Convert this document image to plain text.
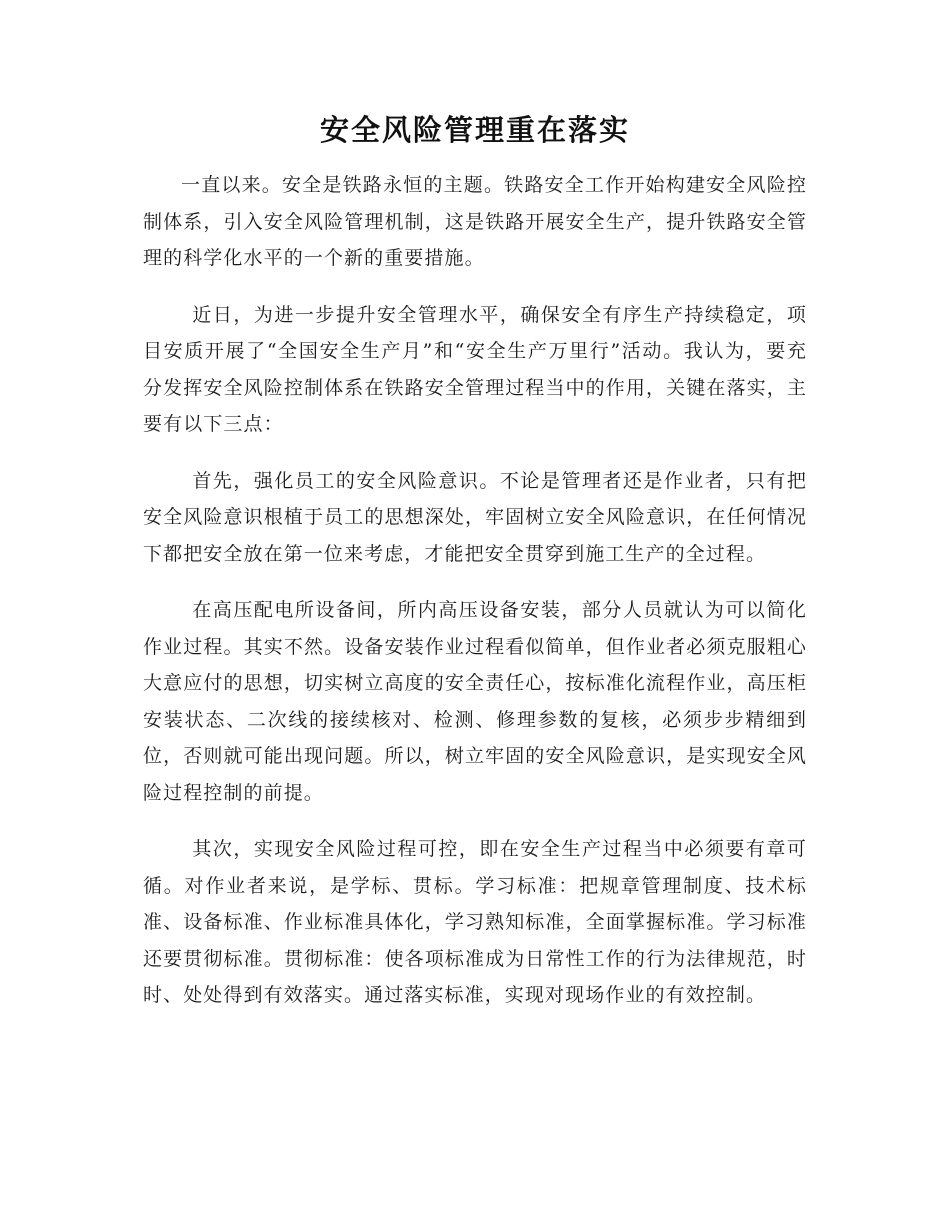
安全风险管理重在落实

一直以来。安全是铁路永恒的主题。铁路安全工作开始构建安全风险控制体系，引入安全风险管理机制，这是铁路开展安全生产，提升铁路安全管理的科学化水平的一个新的重要措施。

近日，为进一步提升安全管理水平，确保安全有序生产持续稳定，项目安质开展了“全国安全生产月”和“安全生产万里行”活动。我认为，要充分发挥安全风险控制体系在铁路安全管理过程当中的作用，关键在落实，主要有以下三点：

首先，强化员工的安全风险意识。不论是管理者还是作业者，只有把安全风险意识根植于员工的思想深处，牢固树立安全风险意识，在任何情况下都把安全放在第一位来考虑，才能把安全贯穿到施工生产的全过程。

在高压配电所设备间，所内高压设备安装，部分人员就认为可以简化作业过程。其实不然。设备安装作业过程看似简单，但作业者必须克服粗心大意应付的思想，切实树立高度的安全责任心，按标准化流程作业，高压柜安装状态、二次线的接续核对、检测、修理参数的复核，必须步步精细到位，否则就可能出现问题。所以，树立牢固的安全风险意识，是实现安全风险过程控制的前提。

其次，实现安全风险过程可控，即在安全生产过程当中必须要有章可循。对作业者来说，是学标、贯标。学习标准：把规章管理制度、技术标准、设备标准、作业标准具体化，学习熟知标准，全面掌握标准。学习标准还要贯彻标准。贯彻标准：使各项标准成为日常性工作的行为法律规范，时时、处处得到有效落实。通过落实标准，实现对现场作业的有效控制。
